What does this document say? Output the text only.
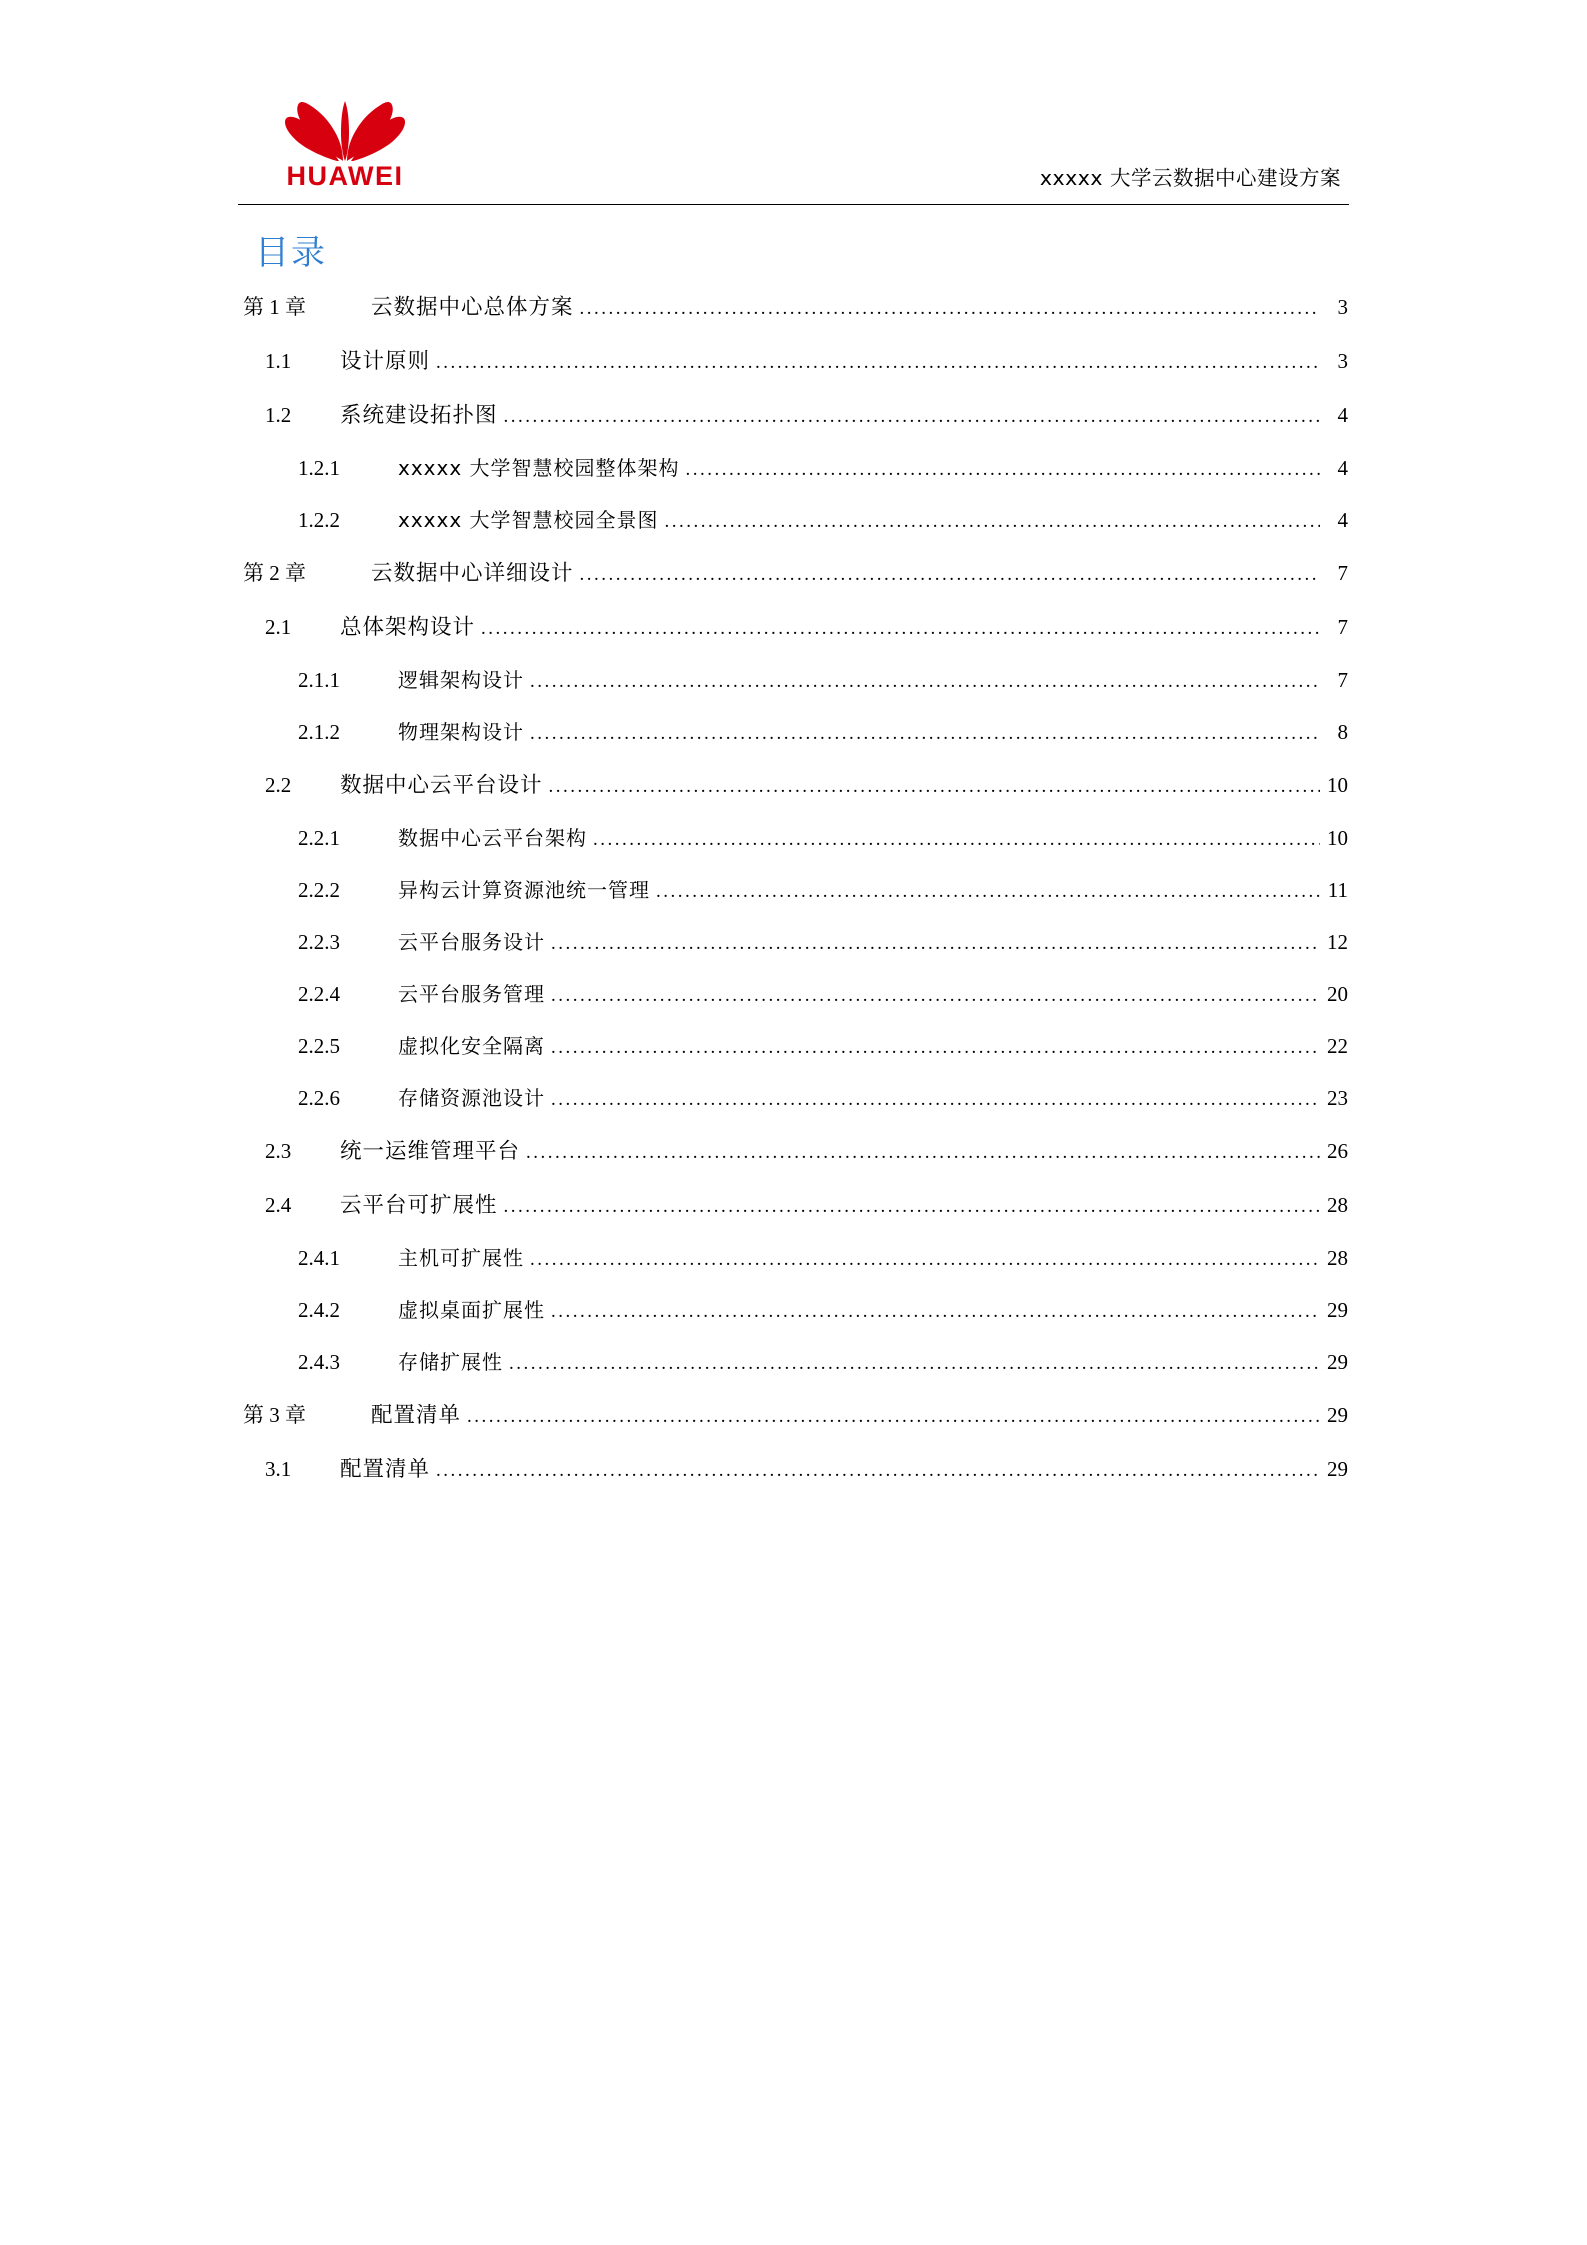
HUAWEI	xxxxx 大学云数据中心建设方案
目录
第 1 章	云数据中心总体方案 .....	3
1.1	设计原则 .....	3
1.2	系统建设拓扑图 .....	4
1.2.1	xxxxx 大学智慧校园整体架构 .....	4
1.2.2	xxxxx 大学智慧校园全景图 .....	4
第 2 章	云数据中心详细设计 .....	7
2.1	总体架构设计 .....	7
2.1.1	逻辑架构设计 .....	7
2.1.2	物理架构设计 .....	8
2.2	数据中心云平台设计 .....	10
2.2.1	数据中心云平台架构 .....	10
2.2.2	异构云计算资源池统一管理 .....	11
2.2.3	云平台服务设计 .....	12
2.2.4	云平台服务管理 .....	20
2.2.5	虚拟化安全隔离 .....	22
2.2.6	存储资源池设计 .....	23
2.3	统一运维管理平台 .....	26
2.4	云平台可扩展性 .....	28
2.4.1	主机可扩展性 .....	28
2.4.2	虚拟桌面扩展性 .....	29
2.4.3	存储扩展性 .....	29
第 3 章	配置清单 .....	29
3.1	配置清单 .....	29
